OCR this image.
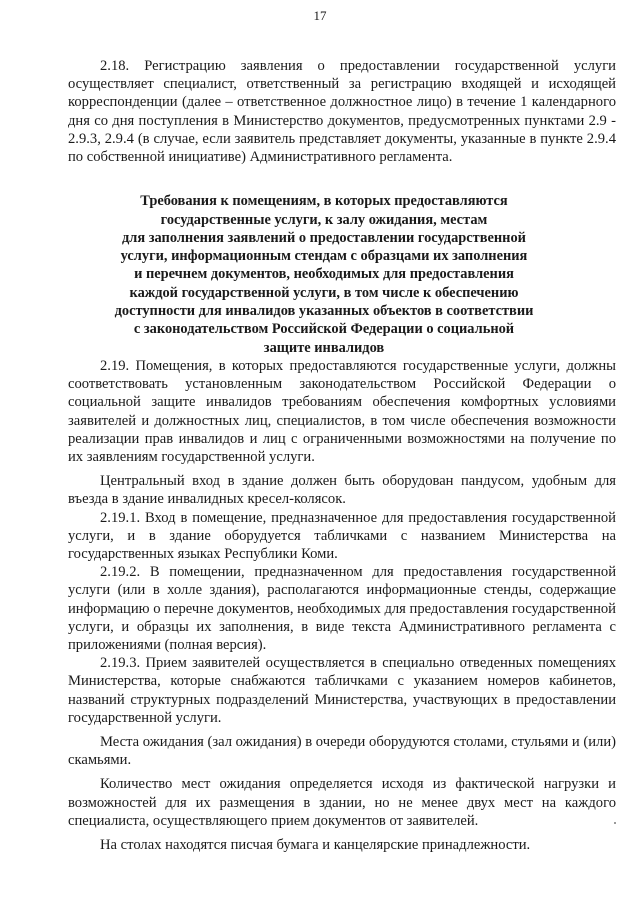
17

2.18. Регистрацию заявления о предоставлении государственной услуги осуществляет специалист, ответственный за регистрацию входящей и исходящей корреспонденции (далее – ответственное должностное лицо) в течение 1 календарного дня со дня поступления в Министерство документов, предусмотренных пунктами 2.9 - 2.9.3, 2.9.4 (в случае, если заявитель представляет документы, указанные в пункте 2.9.4 по собственной инициативе) Административного регламента.

Требования к помещениям, в которых предоставляются
государственные услуги, к залу ожидания, местам
для заполнения заявлений о предоставлении государственной
услуги, информационным стендам с образцами их заполнения
и перечнем документов, необходимых для предоставления
каждой государственной услуги, в том числе к обеспечению
доступности для инвалидов указанных объектов в соответствии
с законодательством Российской Федерации о социальной
защите инвалидов

2.19. Помещения, в которых предоставляются государственные услуги, должны соответствовать установленным законодательством Российской Федерации о социальной защите инвалидов требованиям обеспечения комфортных условиями заявителей и должностных лиц, специалистов, в том числе обеспечения возможности реализации прав инвалидов и лиц с ограниченными возможностями на получение по их заявлениям государственной услуги.

Центральный вход в здание должен быть оборудован пандусом, удобным для въезда в здание инвалидных кресел-колясок.

2.19.1. Вход в помещение, предназначенное для предоставления государственной услуги, и в здание оборудуется табличками с названием Министерства на государственных языках Республики Коми.

2.19.2. В помещении, предназначенном для предоставления государственной услуги (или в холле здания), располагаются информационные стенды, содержащие информацию о перечне документов, необходимых для предоставления государственной услуги, и образцы их заполнения, в виде текста Административного регламента с приложениями (полная версия).

2.19.3. Прием заявителей осуществляется в специально отведенных помещениях Министерства, которые снабжаются табличками с указанием номеров кабинетов, названий структурных подразделений Министерства, участвующих в предоставлении государственной услуги.

Места ожидания (зал ожидания) в очереди оборудуются столами, стульями и (или) скамьями.

Количество мест ожидания определяется исходя из фактической нагрузки и возможностей для их размещения в здании, но не менее двух мест на каждого специалиста, осуществляющего прием документов от заявителей.

На столах находятся писчая бумага и канцелярские принадлежности.
